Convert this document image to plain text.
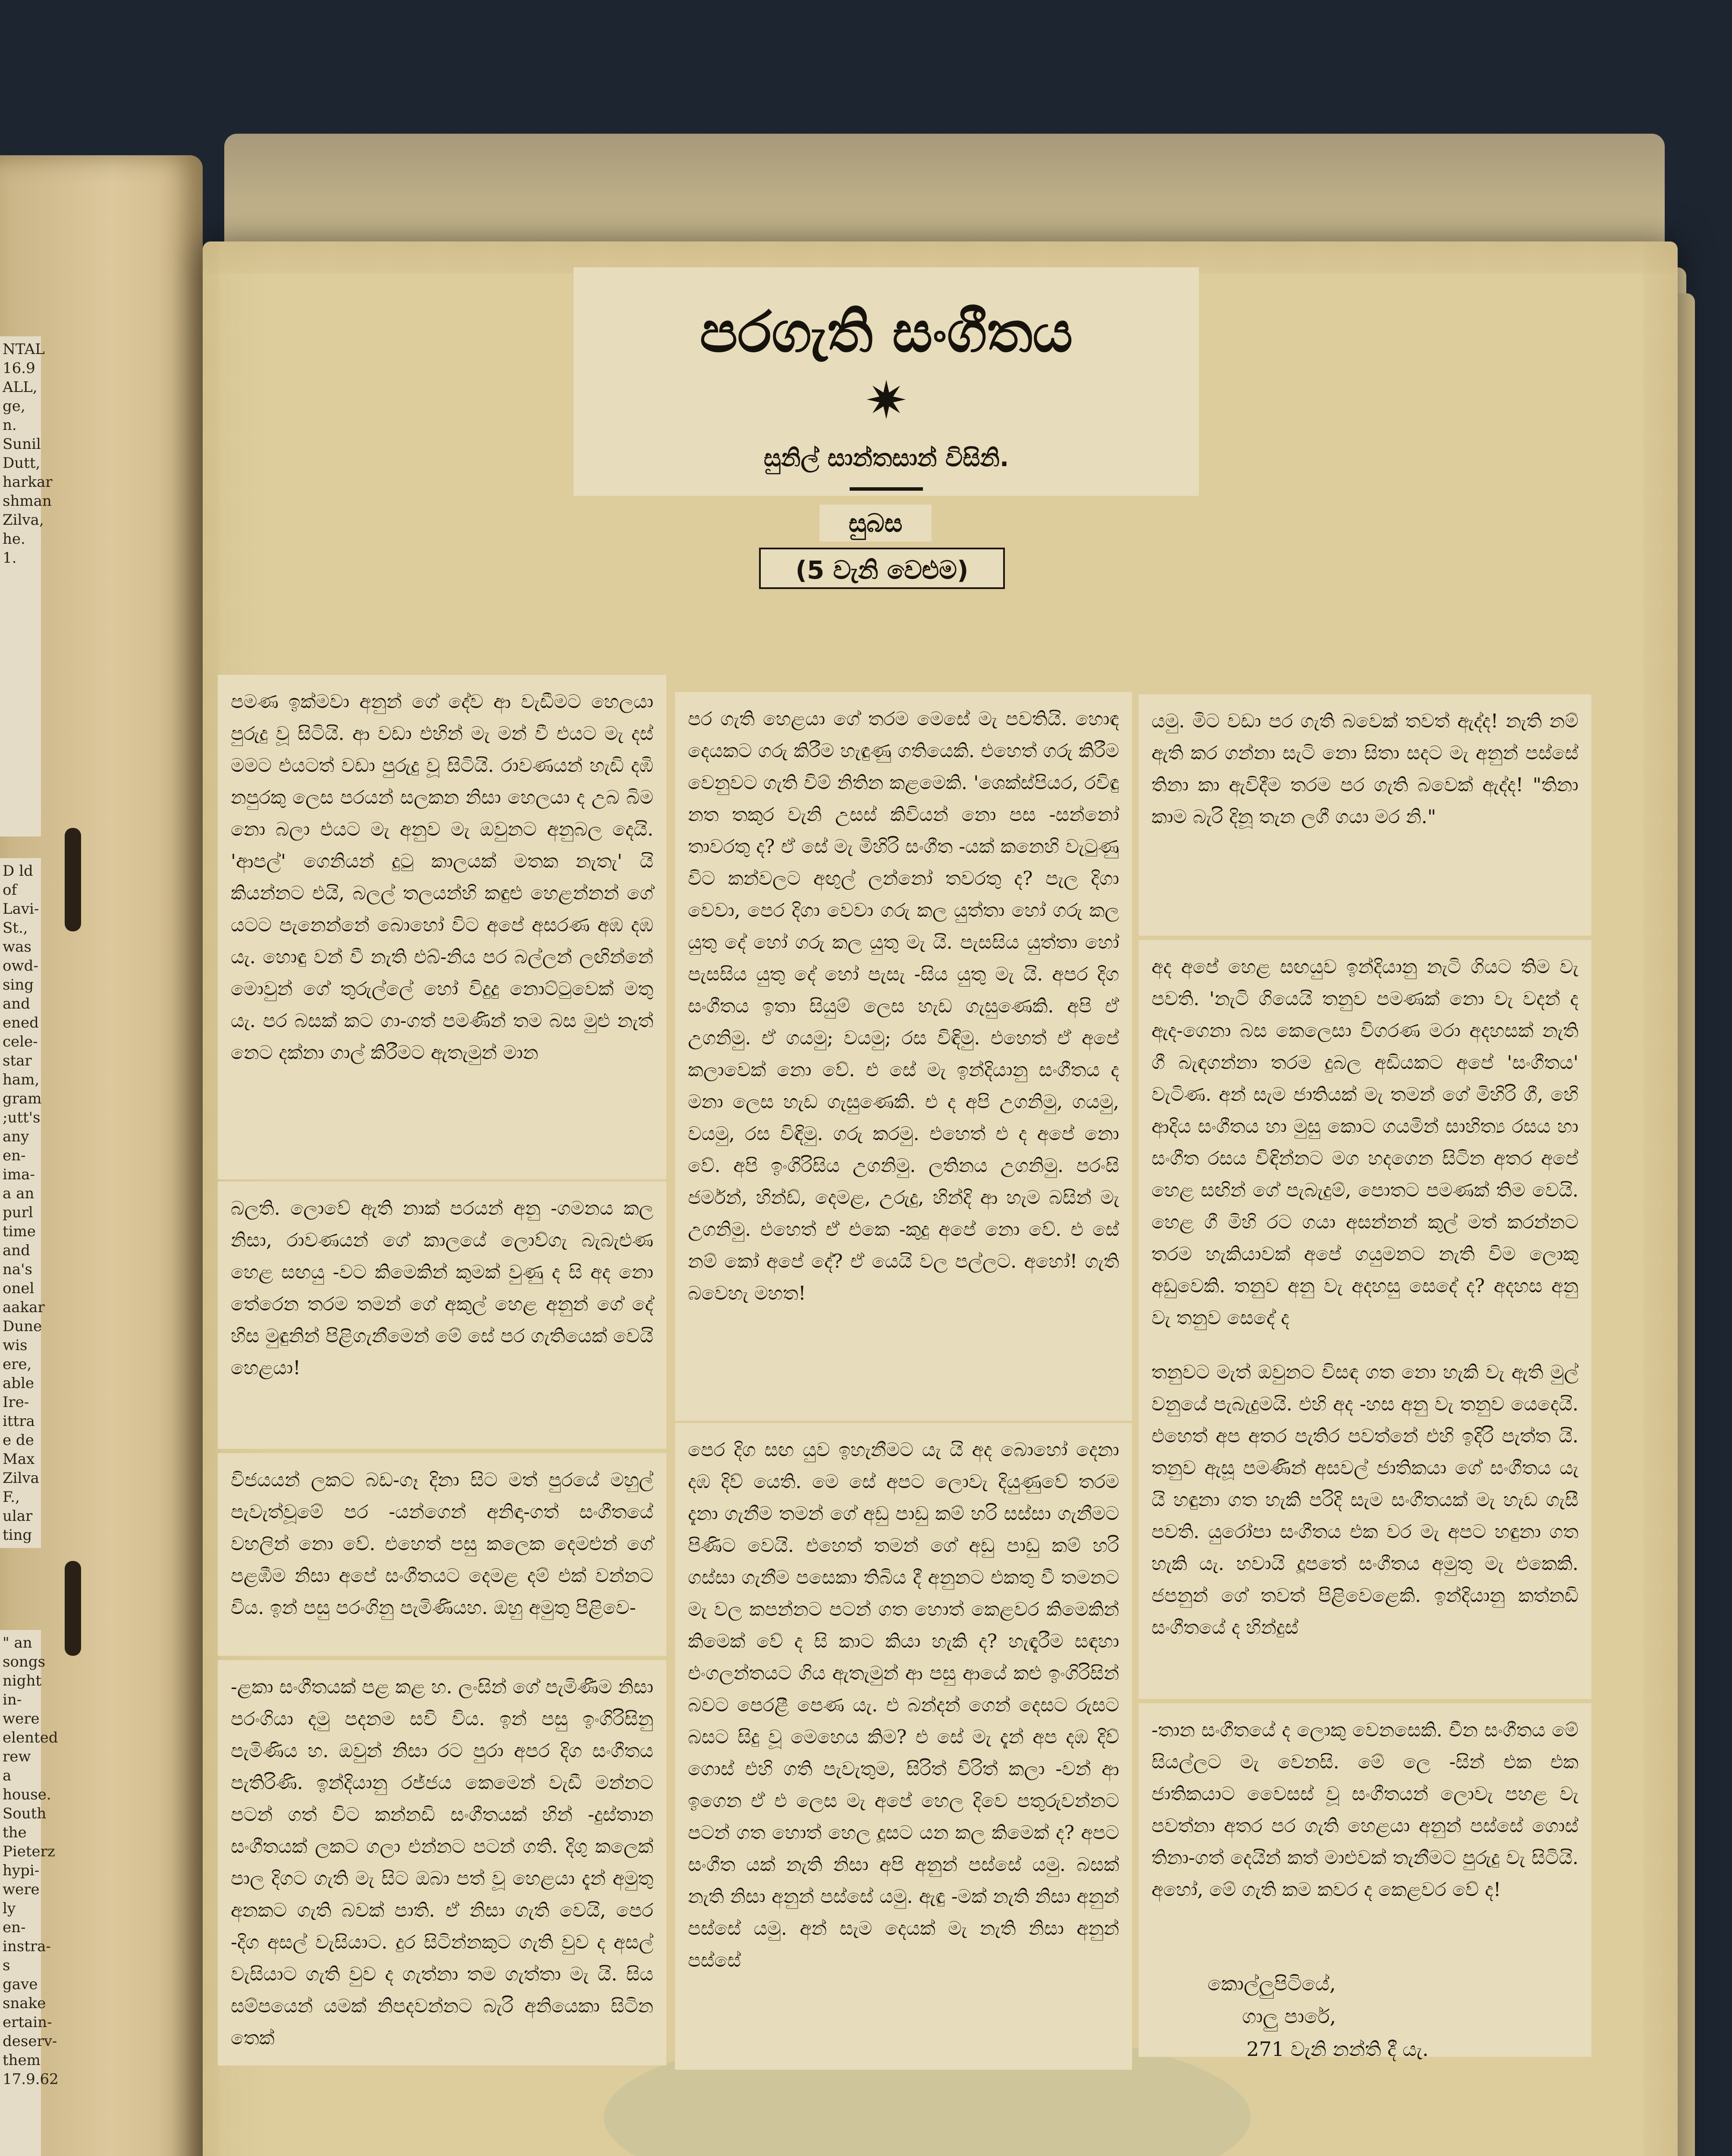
NTAL 16.9 ALL, ge, n. Sunil Dutt, harkar shman Zilva, he. 1.
D ld of Lavi- St., was owd- sing and ened cele- star ham, gram ;utt's any en- ima- a an purl time and na's onel aakar Dune wis ere, able Ire- ittra e de Max Zilva F., ular ting
" an songs night in- were elented rew a house. South the Pieterz hypi- were ly en- instra- s gave snake ertain- deserv- them 17.9.62
පරගැති සංගීතය
✷
සුනිල් සාන්තසාන් විසිනි.
සුබස
(5 වැනි වෙළුම)
පමණ ඉක්මවා අනුන් ගේ දේව ආ වැඩීමට හෙලයා පුරුදු වූ සිටියි. ආ වඩා එහින් මැ මන් වී එයට මැ දස් මමට එයටත් වඩා පුරුදු වූ සිටියි. රාවණයන් හැඩි දඹි නපුරකු ලෙස පරයන් සලකන නිසා හෙලයා ද උබ බිම නො බලා එයට මැ අනුව මැ ඔවුනට අනුබල දෙයි. 'ආපල්' ගෙනියන් දුටු කාලයක් මතක නැතැ' යි කියන්නට එයි, බලල් තලයන්හි කඳුළු හෙළන්නන් ගේ යටට පැනෙන්නේ බොහෝ විට අපේ අසරණ අඹ දඹ යැ. හොඳු වන් වී නැති එබ්-නිය පර බල්ලන් ලඟින්නේ මොවුන් ගේ තුරුල්ලේ හෝ විදුදු නොට්ටුවෙක් මතු යැ. පර බසක් කට ගා-ගත් පමණින් තම බස මුළු නැත් නෙට දක්නා ගාල් කිරීමට ඇතැමුන් මාන
බලති. ලොවේ ඇති නාක් පරයන් අනු -ගමනය කල නිසා, රාවණයන් ගේ කාලයේ ලොව්ගැ බැබැළුණ හෙළ සඟයු -වට කිමෙකින් කුමක් වුණු ද සි අද නො තේරෙන තරම තමන් ගේ අකුල් හෙළ අනුන් ගේ දේ හිස මුඳුනින් පිළිගැනීමෙන් මේ සේ පර ගැතියෙක් වෙයි හෙළයා!
විජයයන් ලකට බඩ-ගෑ දිනා සිට මත් පුරයේ මහුල් පැවැත්වූමේ පර -යන්ගෙන් අනිඳා-ගත් සංගීතයේ වහලින් නො වේ. එහෙත් පසු කලෙක දෙමළුන් ගේ පළඹීම නිසා අපේ සංගීතයට දෙමළ දම් එක් වන්නට විය. ඉන් පසු පරංගිනු පැමිණියහ. ඔහු අමුතු පිළිවෙ-
-ළකා සංගීතයක් පළ කළ හ. ලංසින් ගේ පැමිණීම නිසා පරංගියා දමු පදනම සවි විය. ඉන් පසු ඉංගිරිසිනු පැමිණිය හ. ඔවුන් නිසා රට පුරා අපර දිග සංගීතය පැතිරිණි. ඉන්දියානු රජ්ජය කෙමෙන් වැඩී මන්නට පටන් ගත් විට කන්නඩි සංගීතයක් හින් -දුස්තාන සංගීතයක් ලකට ගලා එන්නට පටන් ගති. දිගු කලෙක් පාල දිගට ගැති මැ සිට ඔබා පත් වූ හෙළයා දැන් අමුතු අනකට ගැති බවක් පාති. ඒ නිසා ගැති වෙයි, පෙර -දිග අසල් වැසියාට. දුර සිටින්නකුට ගැති වුව ද අසල් වැසියාට ගැති වුව ද ගැත්නා තම ගැත්තා මැ යි. සිය සම්පයෙන් යමක් නිපදවන්නට බැරි අනියෙකා සිටින තෙක්
පර ගැති හෙළයා ගේ තරම මෙසේ මැ පවතියි. හොඳ දෙයකට ගරු කිරීම හැඳුණු ගතියෙකි. එහෙත් ගරු කිරීම වෙනුවට ගැති විම් නිතින කළමෙකි. 'ශෙක්ස්පියර, රවිඳු නත තකුර වැනි උසස් කිවියන් නො පස -සන්නෝ තාවරතු ද? ඒ සේ මැ මිහිරි සංගීත -යක් කනෙහි වැටුණු විට කන්වලට අඟුල් ලන්නෝ තවරතු ද? පැල දිගා වෙවා, පෙර දිගා වෙවා ගරු කල යුත්තා හෝ ගරු කල යුතු දේ හෝ ගරු කල යුතු මැ යි. පැසසිය යුත්තා හෝ පැසසිය යුතු දේ හෝ පැසැ -සිය යුතු මැ යි. අපර දිග සංගීතය ඉතා සියුම් ලෙස හැඩ ගැසුණෙකි. අපි ඒ උගනිමු. ඒ ගයමු; වයමු; රස විඳිමු. එහෙත් ඒ අපේ කලාවෙක් නො වේ. එ සේ මැ ඉන්දියානු සංගීතය ද මනා ලෙස හැඩ ගැසුණෙකි. එ ද අපි උගනිමු, ගයමු, වයමු, රස විඳිමු. ගරු කරමු. එහෙත් එ ද අපේ නො වේ. අපි ඉංගිරිසිය උගනිමු. ලතිනය උගනිමු. පරංසි ජර්මන්, හින්ඩ්, දෙමළ, උරුදු, හින්දි ආ හැම බසින් මැ උගනිමු. එහෙත් ඒ එකෙ -කුදු අපේ නො වේ. එ සේ නම් කෝ අපේ දේ? ඒ යෙයි වල පල්ලට. අහෝ! ගැති බවෙහැ මහත!
පෙර දිග සඟ යුව ඉහැනීමට යැ යි අද බොහෝ දෙනා දඹ දිව් යෙති. මෙ සේ අපට ලොවැ දියුණුවේ තරම දැනා ගැනීම තමන් ගේ අඩු පාඩු කම් හරි සස්සා ගැනීමට පිණිට වෙයි. එහෙත් තමන් ගේ අඩු පාඩු කම් හරි ගස්සා ගැනීම පසෙකා තිබිය දී අනුනට එකතු වී තමනට මැ වල කපන්නට පටන් ගත හොත් කෙළවර කිමෙකින් කිමෙක් වේ ද සි කාට කියා හැකි ද? හැඳැරීම සඳහා එංගලන්තයට ගිය ඇතැමුන් ආ පසු ආයේ කළු ඉංගිරිසින් බවට පෙරළී පෙණ යැ. එ බන්දන් ගෙන් දෙසට රුසට බසට සිදු වූ මෙහෙය කිම? එ සේ මැ දැන් අප දඹ දිව් ගොස් එහි ගති පැවැතුම, සිරිත් විරිත් කලා -වන් ආ ඉගෙන ඒ එ ලෙස මැ අපේ හෙල දිවෙ පතුරුවන්නට පටන් ගත හොත් හෙල දූසට යන කල කිමෙක් ද? අපට සංගීත යක් නැති නිසා අපි අනුන් පස්සේ යමු. බසක් නැති නිසා අනුන් පස්සේ යමු. ඇඳු -මක් නැති නිසා අනුන් පස්සේ යමු. අන් සැම දෙයක් මැ නැති නිසා අනුන් පස්සේ
යමු. මිට වඩා පර ගැති බවෙක් තවත් ඇද්ද! නැති නම් ඇති කර ගන්නා සැටි නො සිතා සදට මැ අනුන් පස්සේ තිනා කා ඇවිදීම තරම පර ගැති බවෙක් ඇද්ද! "තිනා කාම බැරි දිනූ තැන ලගී ගයා මර නි."
අද අපේ හෙළ සඟයුව ඉන්දියානු නැටි ගියට තිම වැ පවති. 'නැටි ගියෙයි තනුව පමණක් නො වැ වදන් ද ඇද-ගෙනා බස කෙලෙසා විගරණ මරා අදහසක් නැති ගී බැඳගන්නා තරම දුබල අඩියකට අපේ 'සංගීතය' වැටිණ. අන් සැම ජාතියක් මැ තමන් ගේ මිහිරි ගී, හෙි ආදිය සංගීතය හා මුසු කොට ගයමින් සාහිත්‍ය රසය හා සංගීත රසය විඳින්නට මග හදගෙන සිටින අතර අපේ හෙළ සඟින් ගේ පැබැදුම්, පොතට පමණක් තිම වෙයි. හෙළ ගී මිහි රට ගයා අසන්නන් කුල් මත් කරන්නට තරම හැකියාවක් අපේ ගයුමනට නැති විම ලොකු අඩුවෙකි. තනුව අනු වැ අදහසු සෙදේ ද? අදහස අනු වැ තනුව සෙදේ ද
තනුවට මැත් ඔවුනට විසඳ ගත නො හැකි වැ ඇති මුල් වනුයේ පැබැදුමයි. එහි අද -හස අනු වැ තනුව යෙදෙයි. එහෙත් අප අතර පැතිර පවත්නේ එහි ඉදිරි පැත්ත යි. තනුව ඇසූ පමණින් අසවල් ජාතිකයා ගේ සංගීතය යැ යි හඳුනා ගත හැකි පරිදි සැම සංගීතයක් මැ හැඩ ගැසී පවති. යුරෝපා සංගීතය එක වර මැ අපට හඳුනා ගත හැකි යැ. හවායි දූපතේ සංගීතය අමුතු මැ එකෙකි. ජපනුන් ගේ තවත් පිළිවෙළෙකි. ඉන්දියානු කත්නඩි සංගීතයේ ද හින්දුස්
-තාන සංගීතයේ ද ලොකු වෙනසෙකි. චීන සංගීතය මේ සියල්ලට මැ වෙනසි. මේ ලෙ -සින් එක එක ජාතිකයාට වෙෙසස් වූ සංගීතයන් ලොවැ පහළ වැ පවත්නා අතර පර ගැති හෙළයා අනුන් පස්සේ ගොස් තිනා-ගත් දෙයින් කත් මාළුවක් තැනීමට පුරුදු වැ සිටියි. අහෝ, මේ ගැති කම කවර ද කෙළවර වේ ද!
කොල්ලුපිටියේ,
ගාලු පාරේ,
271 වැනි නන්ති දී යැ.
